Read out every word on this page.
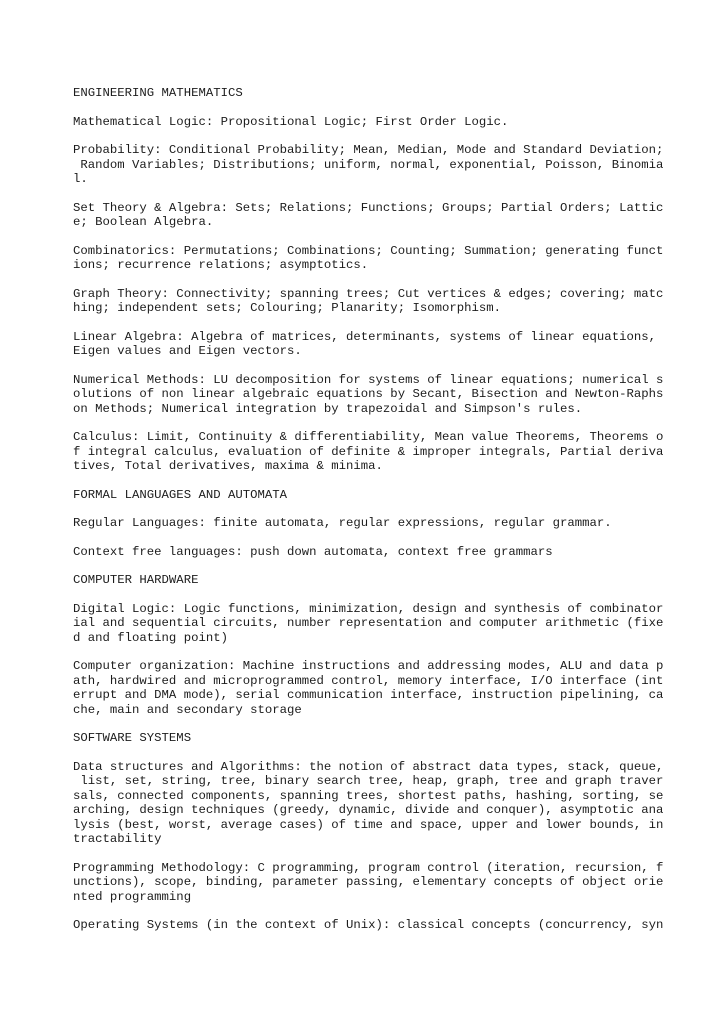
ENGINEERING MATHEMATICS
Mathematical Logic: Propositional Logic; First Order Logic.
Probability: Conditional Probability; Mean, Median, Mode and Standard Deviation;
Random Variables; Distributions; uniform, normal, exponential, Poisson, Binomia
l.
Set Theory & Algebra: Sets; Relations; Functions; Groups; Partial Orders; Lattic
e; Boolean Algebra.
Combinatorics: Permutations; Combinations; Counting; Summation; generating funct
ions; recurrence relations; asymptotics.
Graph Theory: Connectivity; spanning trees; Cut vertices & edges; covering; matc
hing; independent sets; Colouring; Planarity; Isomorphism.
Linear Algebra: Algebra of matrices, determinants, systems of linear equations,
Eigen values and Eigen vectors.
Numerical Methods: LU decomposition for systems of linear equations; numerical s
olutions of non linear algebraic equations by Secant, Bisection and Newton-Raphs
on Methods; Numerical integration by trapezoidal and Simpson's rules.
Calculus: Limit, Continuity & differentiability, Mean value Theorems, Theorems o
f integral calculus, evaluation of definite & improper integrals, Partial deriva
tives, Total derivatives, maxima & minima.
FORMAL LANGUAGES AND AUTOMATA
Regular Languages: finite automata, regular expressions, regular grammar.
Context free languages: push down automata, context free grammars
COMPUTER HARDWARE
Digital Logic: Logic functions, minimization, design and synthesis of combinator
ial and sequential circuits, number representation and computer arithmetic (fixe
d and floating point)
Computer organization: Machine instructions and addressing modes, ALU and data p
ath, hardwired and microprogrammed control, memory interface, I/O interface (int
errupt and DMA mode), serial communication interface, instruction pipelining, ca
che, main and secondary storage
SOFTWARE SYSTEMS
Data structures and Algorithms: the notion of abstract data types, stack, queue,
list, set, string, tree, binary search tree, heap, graph, tree and graph traver
sals, connected components, spanning trees, shortest paths, hashing, sorting, se
arching, design techniques (greedy, dynamic, divide and conquer), asymptotic ana
lysis (best, worst, average cases) of time and space, upper and lower bounds, in
tractability
Programming Methodology: C programming, program control (iteration, recursion, f
unctions), scope, binding, parameter passing, elementary concepts of object orie
nted programming
Operating Systems (in the context of Unix): classical concepts (concurrency, syn
